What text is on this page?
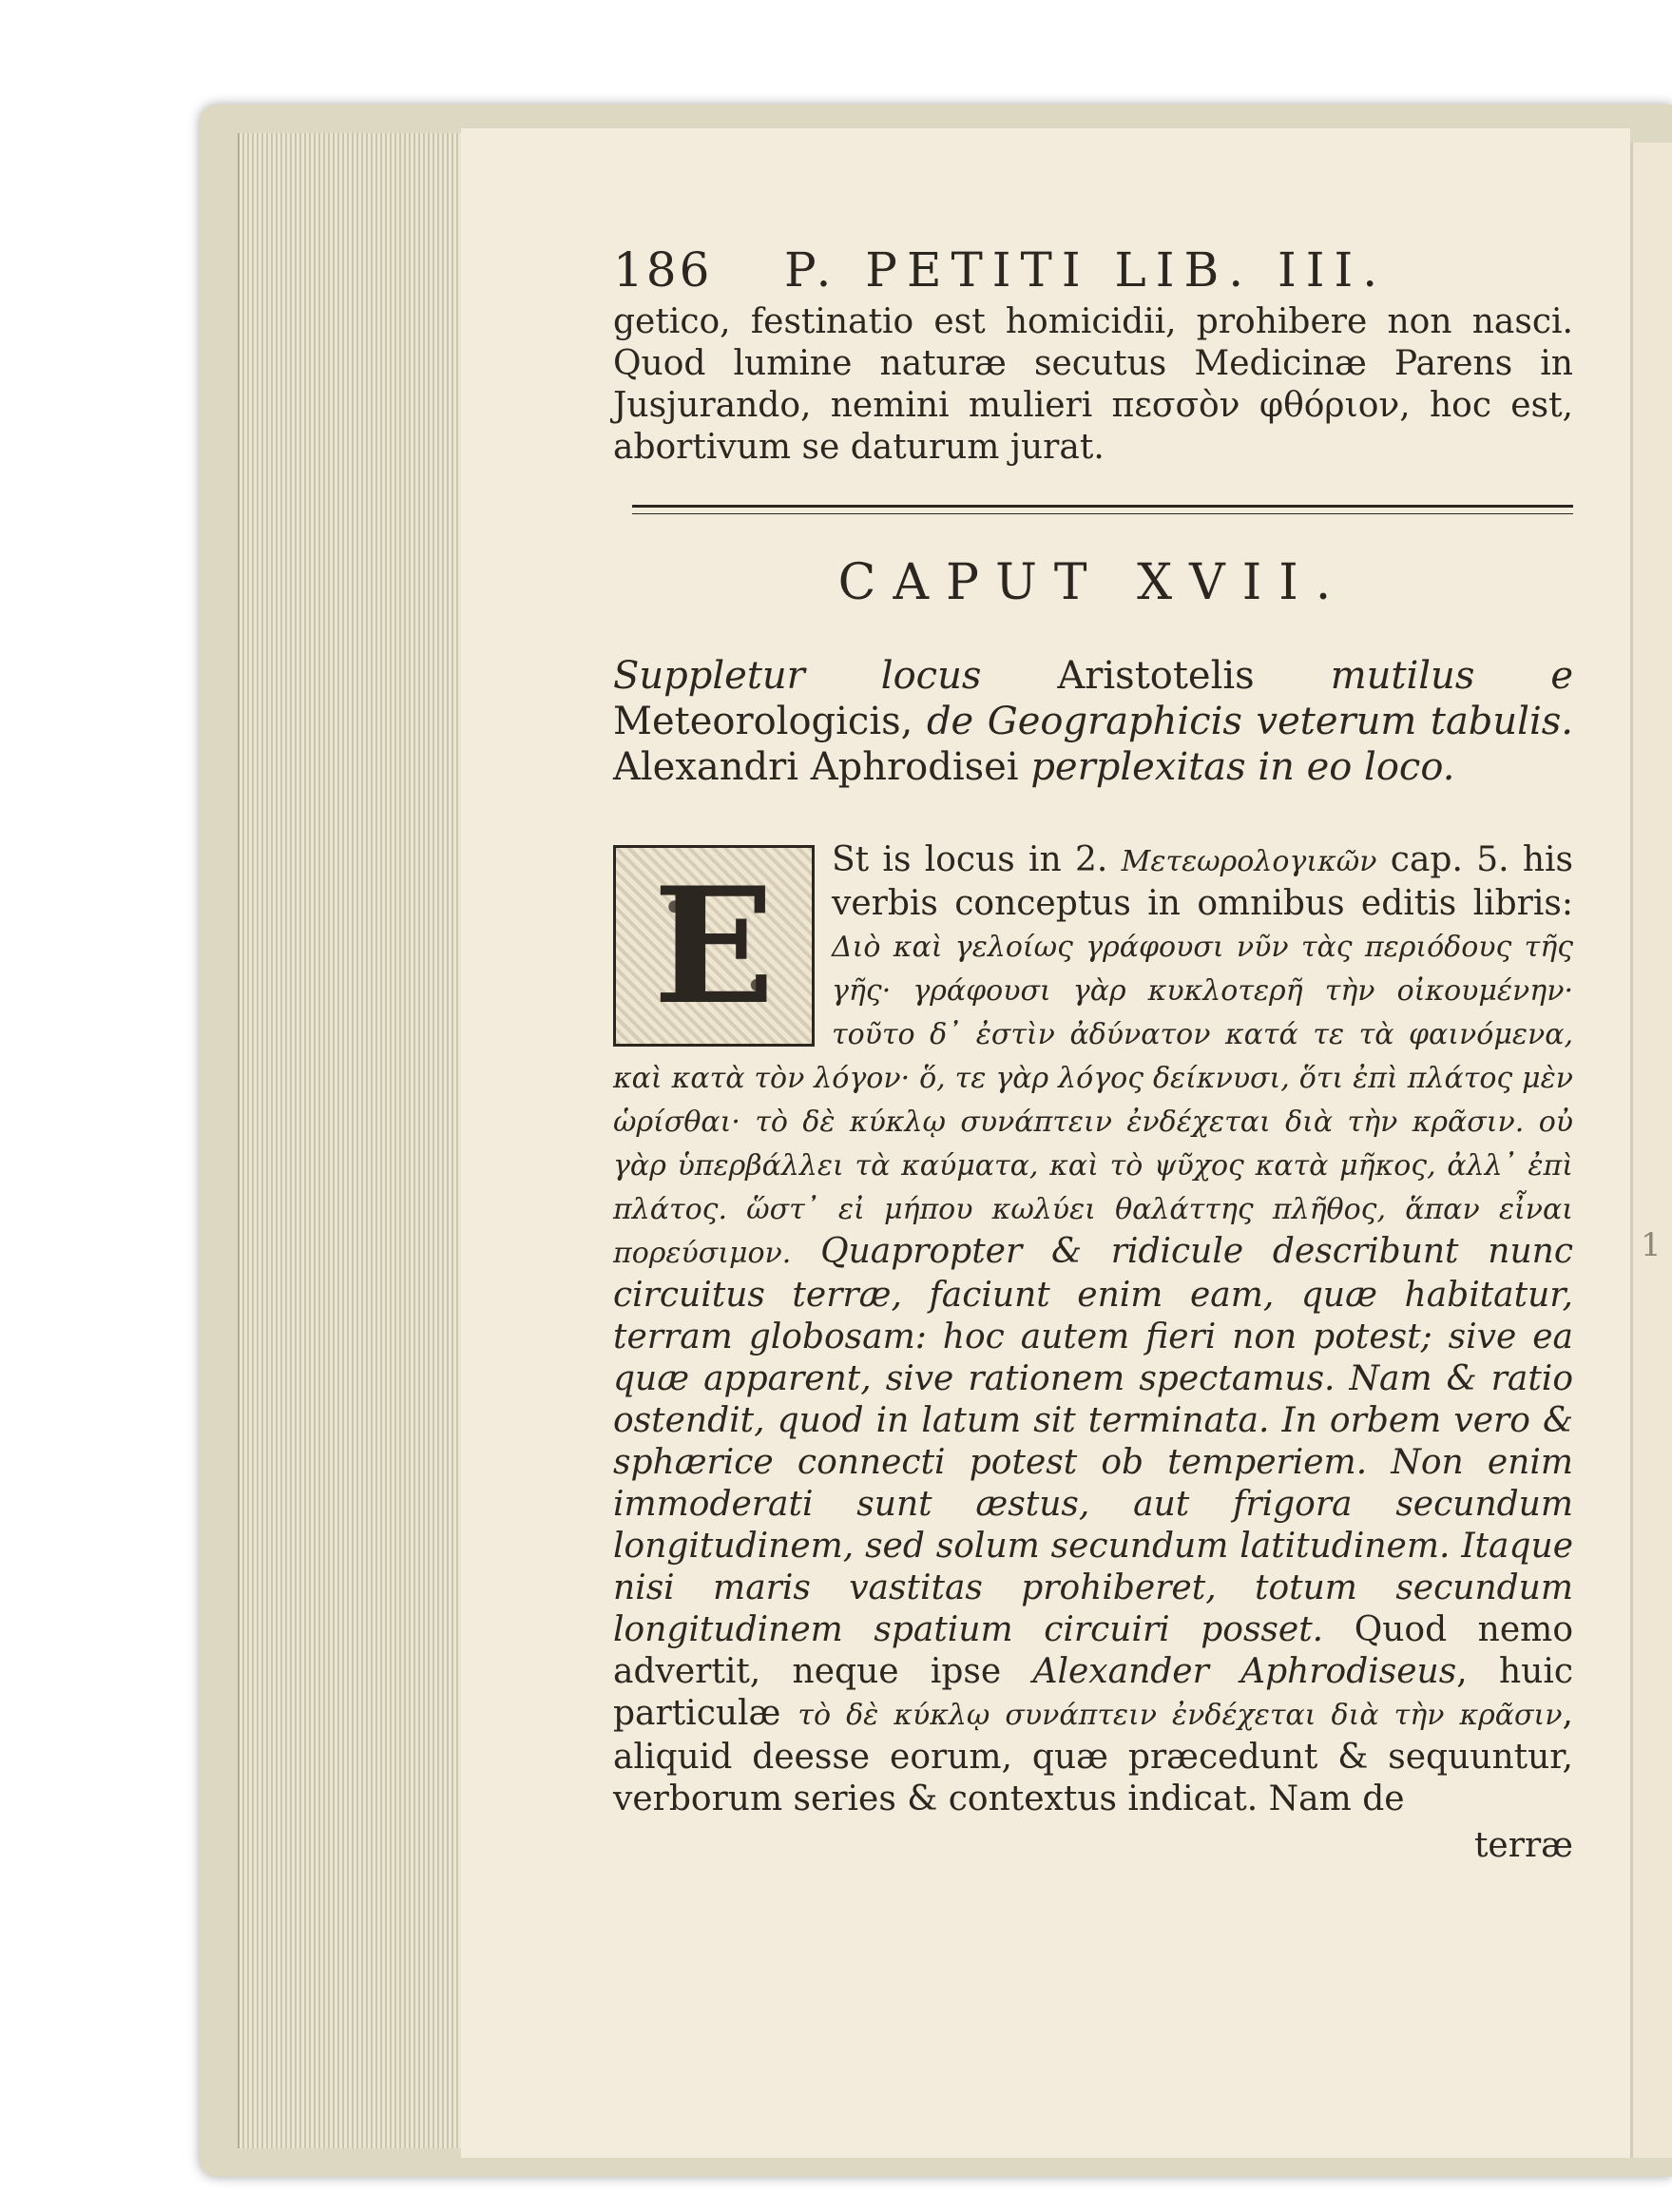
1
186 P. PETITI LIB. III.

getico, festinatio est homicidii, prohibere non nasci. Quod lumine naturæ secutus Medicinæ Parens in Jusjurando, nemini mulieri πεσσὸν φθόριον, hoc est, abortivum se daturum jurat.

CAPUT XVII.
Suppletur locus Aristotelis mutilus e Meteorologicis, de Geographicis veterum tabulis. Alexandri Aphrodisei perplexitas in eo loco.
E	St is locus in 2. Μετεωρολογικῶν cap. 5. his verbis conceptus in omnibus editis libris: Διὸ καὶ γελοίως γράφουσι νῦν τὰς περιόδους τῆς γῆς· γράφουσι γὰρ κυκλοτερῆ τὴν οἰκουμένην· τοῦτο δ᾽ ἐστὶν ἀδύνατον κατά τε τὰ φαινόμενα, καὶ κατὰ τὸν λόγον· ὅ, τε γὰρ λόγος δείκνυσι, ὅτι ἐπὶ πλάτος μὲν ὡρίσθαι· τὸ δὲ κύκλῳ συνάπτειν ἐνδέχεται διὰ τὴν κρᾶσιν. οὐ γὰρ ὑπερβάλλει τὰ καύματα, καὶ τὸ ψῦχος κατὰ μῆκος, ἀλλ᾽ ἐπὶ πλάτος. ὥστ᾽ εἰ μήπου κωλύει θαλάττης πλῆθος, ἅπαν εἶναι πορεύσιμον. Quapropter & ridicule describunt nunc circuitus terræ, faciunt enim eam, quæ habitatur, terram globosam: hoc autem fieri non potest; sive ea quæ apparent, sive rationem spectamus. Nam & ratio ostendit, quod in latum sit terminata. In orbem vero & sphærice connecti potest ob temperiem. Non enim immoderati sunt æstus, aut frigora secundum longitudinem, sed solum secundum latitudinem. Itaque nisi maris vastitas prohiberet, totum secundum longitudinem spatium circuiri posset. Quod nemo advertit, neque ipse Alexander Aphrodiseus, huic particulæ τὸ δὲ κύκλῳ συνάπτειν ἐνδέχεται διὰ τὴν κρᾶσιν, aliquid deesse eorum, quæ præcedunt & sequuntur, verborum series & contextus indicat. Nam de

terræ
